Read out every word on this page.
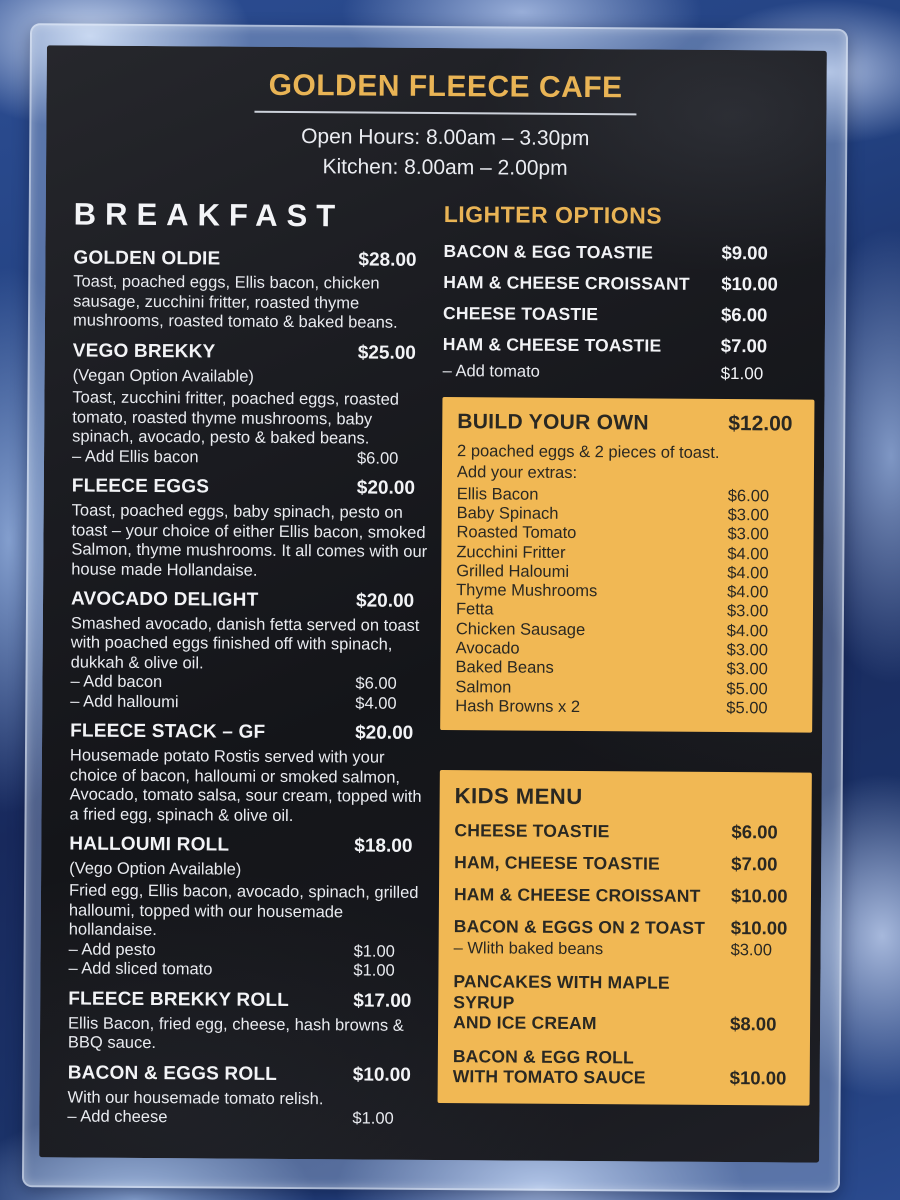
GOLDEN FLEECE CAFE
Open Hours: 8.00am – 3.30pm
Kitchen: 8.00am – 2.00pm
BREAKFAST
GOLDEN OLDIE	$28.00

Toast, poached eggs, Ellis bacon, chicken sausage, zucchini fritter, roasted thyme mushrooms, roasted tomato & baked beans.

VEGO BREKKY	$25.00

(Vegan Option Available)

Toast, zucchini fritter, poached eggs, roasted tomato, roasted thyme mushrooms, baby spinach, avocado, pesto & baked beans.

– Add Ellis bacon	$6.00
FLEECE EGGS	$20.00

Toast, poached eggs, baby spinach, pesto on toast – your choice of either Ellis bacon, smoked Salmon, thyme mushrooms. It all comes with our house made Hollandaise.

AVOCADO DELIGHT	$20.00

Smashed avocado, danish fetta served on toast with poached eggs finished off with spinach, dukkah & olive oil.

– Add bacon	$6.00
– Add halloumi	$4.00
FLEECE STACK – GF	$20.00

Housemade potato Rostis served with your choice of bacon, halloumi or smoked salmon, Avocado, tomato salsa, sour cream, topped with a fried egg, spinach & olive oil.

HALLOUMI ROLL	$18.00

(Vego Option Available)

Fried egg, Ellis bacon, avocado, spinach, grilled halloumi, topped with our housemade hollandaise.

– Add pesto	$1.00
– Add sliced tomato	$1.00
FLEECE BREKKY ROLL	$17.00

Ellis Bacon, fried egg, cheese, hash browns & BBQ sauce.

BACON & EGGS ROLL	$10.00

With our housemade tomato relish.

– Add cheese	$1.00
LIGHTER OPTIONS
BACON & EGG TOASTIE	$9.00
HAM & CHEESE CROISSANT	$10.00
CHEESE TOASTIE	$6.00
HAM & CHEESE TOASTIE	$7.00
– Add tomato	$1.00
BUILD YOUR OWN	$12.00
2 poached eggs & 2 pieces of toast.
Add your extras:
Ellis Bacon	$6.00
Baby Spinach	$3.00
Roasted Tomato	$3.00
Zucchini Fritter	$4.00
Grilled Haloumi	$4.00
Thyme Mushrooms	$4.00
Fetta	$3.00
Chicken Sausage	$4.00
Avocado	$3.00
Baked Beans	$3.00
Salmon	$5.00
Hash Browns x 2	$5.00
KIDS MENU
CHEESE TOASTIE	$6.00
HAM, CHEESE TOASTIE	$7.00
HAM & CHEESE CROISSANT	$10.00
BACON & EGGS ON 2 TOAST	$10.00
– Wlith baked beans	$3.00
PANCAKES WITH MAPLE SYRUP
AND ICE CREAM	$8.00
BACON & EGG ROLL
WITH TOMATO SAUCE	$10.00
